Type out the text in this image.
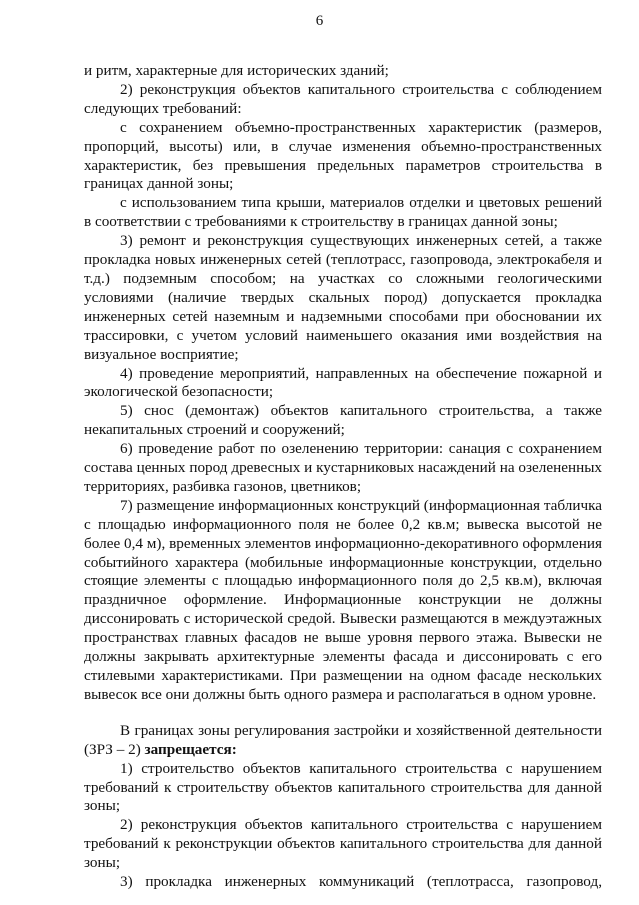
6

и ритм, характерные для исторических зданий;

2) реконструкция объектов капитального строительства с соблюдением следующих требований:

с сохранением объемно-пространственных характеристик (размеров, пропорций, высоты) или, в случае изменения объемно-пространственных характеристик, без превышения предельных параметров строительства в границах данной зоны;

с использованием типа крыши, материалов отделки и цветовых решений в соответствии с требованиями к строительству в границах данной зоны;

3) ремонт и реконструкция существующих инженерных сетей, а также прокладка новых инженерных сетей (теплотрасс, газопровода, электрокабеля и т.д.) подземным способом; на участках со сложными геологическими условиями (наличие твердых скальных пород) допускается прокладка инженерных сетей наземным и надземными способами при обосновании их трассировки, с учетом условий наименьшего оказания ими воздействия на визуальное восприятие;

4) проведение мероприятий, направленных на обеспечение пожарной и экологической безопасности;

5) снос (демонтаж) объектов капитального строительства, а также некапитальных строений и сооружений;

6) проведение работ по озеленению территории: санация с сохранением состава ценных пород древесных и кустарниковых насаждений на озелененных территориях, разбивка газонов, цветников;

7) размещение информационных конструкций (информационная табличка с площадью информационного поля не более 0,2 кв.м; вывеска высотой не более 0,4 м), временных элементов информационно-декоративного оформления событийного характера (мобильные информационные конструкции, отдельно стоящие элементы с площадью информационного поля до 2,5 кв.м), включая праздничное оформление. Информационные конструкции не должны диссонировать с исторической средой. Вывески размещаются в междуэтажных пространствах главных фасадов не выше уровня первого этажа. Вывески не должны закрывать архитектурные элементы фасада и диссонировать с его стилевыми характеристиками. При размещении на одном фасаде нескольких вывесок все они должны быть одного размера и располагаться в одном уровне.

В границах зоны регулирования застройки и хозяйственной деятельности (ЗРЗ – 2) запрещается:

1) строительство объектов капитального строительства с нарушением требований к строительству объектов капитального строительства для данной зоны;

2) реконструкция объектов капитального строительства с нарушением требований к реконструкции объектов капитального строительства для данной зоны;

3) прокладка инженерных коммуникаций (теплотрасса, газопровод,
